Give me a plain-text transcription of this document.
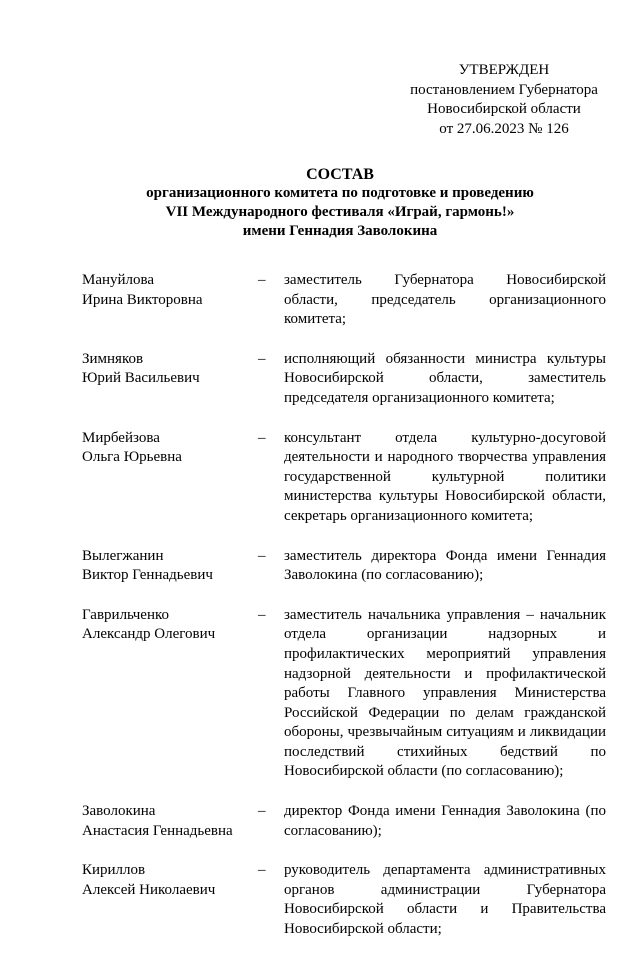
УТВЕРЖДЕН
постановлением Губернатора
Новосибирской области
от 27.06.2023 № 126
СОСТАВ
организационного комитета по подготовке и проведению
VII Международного фестиваля «Играй, гармонь!»
имени Геннадия Заволокина
Мануйлова
Ирина Викторовна
–	заместитель Губернатора Новосибирской области, председатель организационного комитета;
Зимняков
Юрий Васильевич
–	исполняющий обязанности министра культуры Новосибирской области, заместитель председателя организационного комитета;
Мирбейзова
Ольга Юрьевна
–	консультант отдела культурно-досуговой деятельности и народного творчества управления государственной культурной политики министерства культуры Новосибирской области, секретарь организационного комитета;
Вылегжанин
Виктор Геннадьевич
–	заместитель директора Фонда имени Геннадия Заволокина (по согласованию);
Гаврильченко
Александр Олегович
–	заместитель начальника управления – начальник отдела организации надзорных и профилактических мероприятий управления надзорной деятельности и профилактической работы Главного управления Министерства Российской Федерации по делам гражданской обороны, чрезвычайным ситуациям и ликвидации последствий стихийных бедствий по Новосибирской области (по согласованию);
Заволокина
Анастасия Геннадьевна
–	директор Фонда имени Геннадия Заволокина (по согласованию);
Кириллов
Алексей Николаевич
–	руководитель департамента административных органов администрации Губернатора Новосибирской области и Правительства Новосибирской области;
